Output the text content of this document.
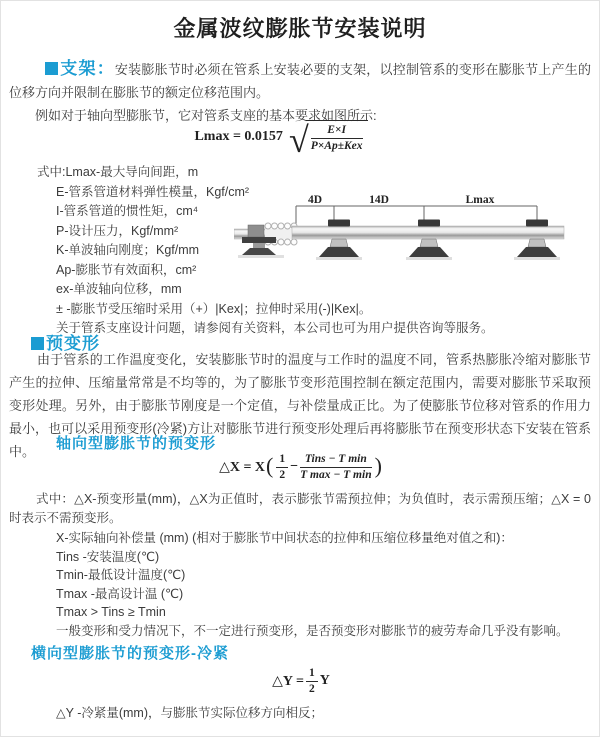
金属波纹膨胀节安装说明
支架：安装膨胀节时必须在管系上安装必要的支架，以控制管系的变形在膨胀节上产生的位移方向并限制在膨胀节的额定位移范围内。
例如对于轴向型膨胀节，它对管系支座的基本要求如图所示:
Lmax = 0.0157 √ $\frac{E\times I}{\text{P×Ap±Kex}}$
式中:Lmax-最大导向间距，m
E-管系管道材料弹性模量，Kgf/cm²
I-管系管道的惯性矩，cm⁴
P-设计压力，Kgf/mm²
K-单波轴向刚度；Kgf/mm
Ap-膨胀节有效面积，cm²
ex-单波轴向位移，mm
± -膨胀节受压缩时采用（+）|Kex|；拉伸时采用(-)|Kex|。
关于管系支座设计问题，请参阅有关资料，本公司也可为用户提供咨询等服务。
4D	14D	Lmax
预变形
由于管系的工作温度变化，安装膨胀节时的温度与工作时的温度不同，管系热膨胀冷缩对膨胀节产生的拉伸、压缩量常常是不均等的，为了膨胀节变形范围控制在额定范围内，需要对膨胀节采取预变形处理。另外，由于膨胀节刚度是一个定值，与补偿量成正比。为了使膨胀节位移对管系的作用力最小，也可以采用预变形(冷紧)方让对膨胀节进行预变形处理后再将膨胀节在预变形状态下安装在管系中。	轴向型膨胀节的预变形
△X = X ( $\frac{1}{2} - \frac{\text{Tins − T min}}{\text{T max − T min}}$ )
式中：△X-预变形量(mm)，△X为正值时，表示膨张节需预拉伸；为负值时，表示需预压缩；△X = 0时表示不需预变形。
X-实际轴向补偿量 (mm) (相对于膨胀节中间状态的拉伸和压缩位移量绝对值之和)：
Tins -安装温度(℃)
Tmin-最低设计温度(℃)
Tmax -最高设计温 (℃)
Tmax > Tins ≥ Tmin
一般变形和受力情况下，不一定进行预变形，是否预变形对膨胀节的疲劳寿命几乎没有影响。
横向型膨胀节的预变形-冷紧
△Y = $\frac{1}{2}$ Y
△Y -冷紧量(mm)，与膨胀节实际位移方向相反；
